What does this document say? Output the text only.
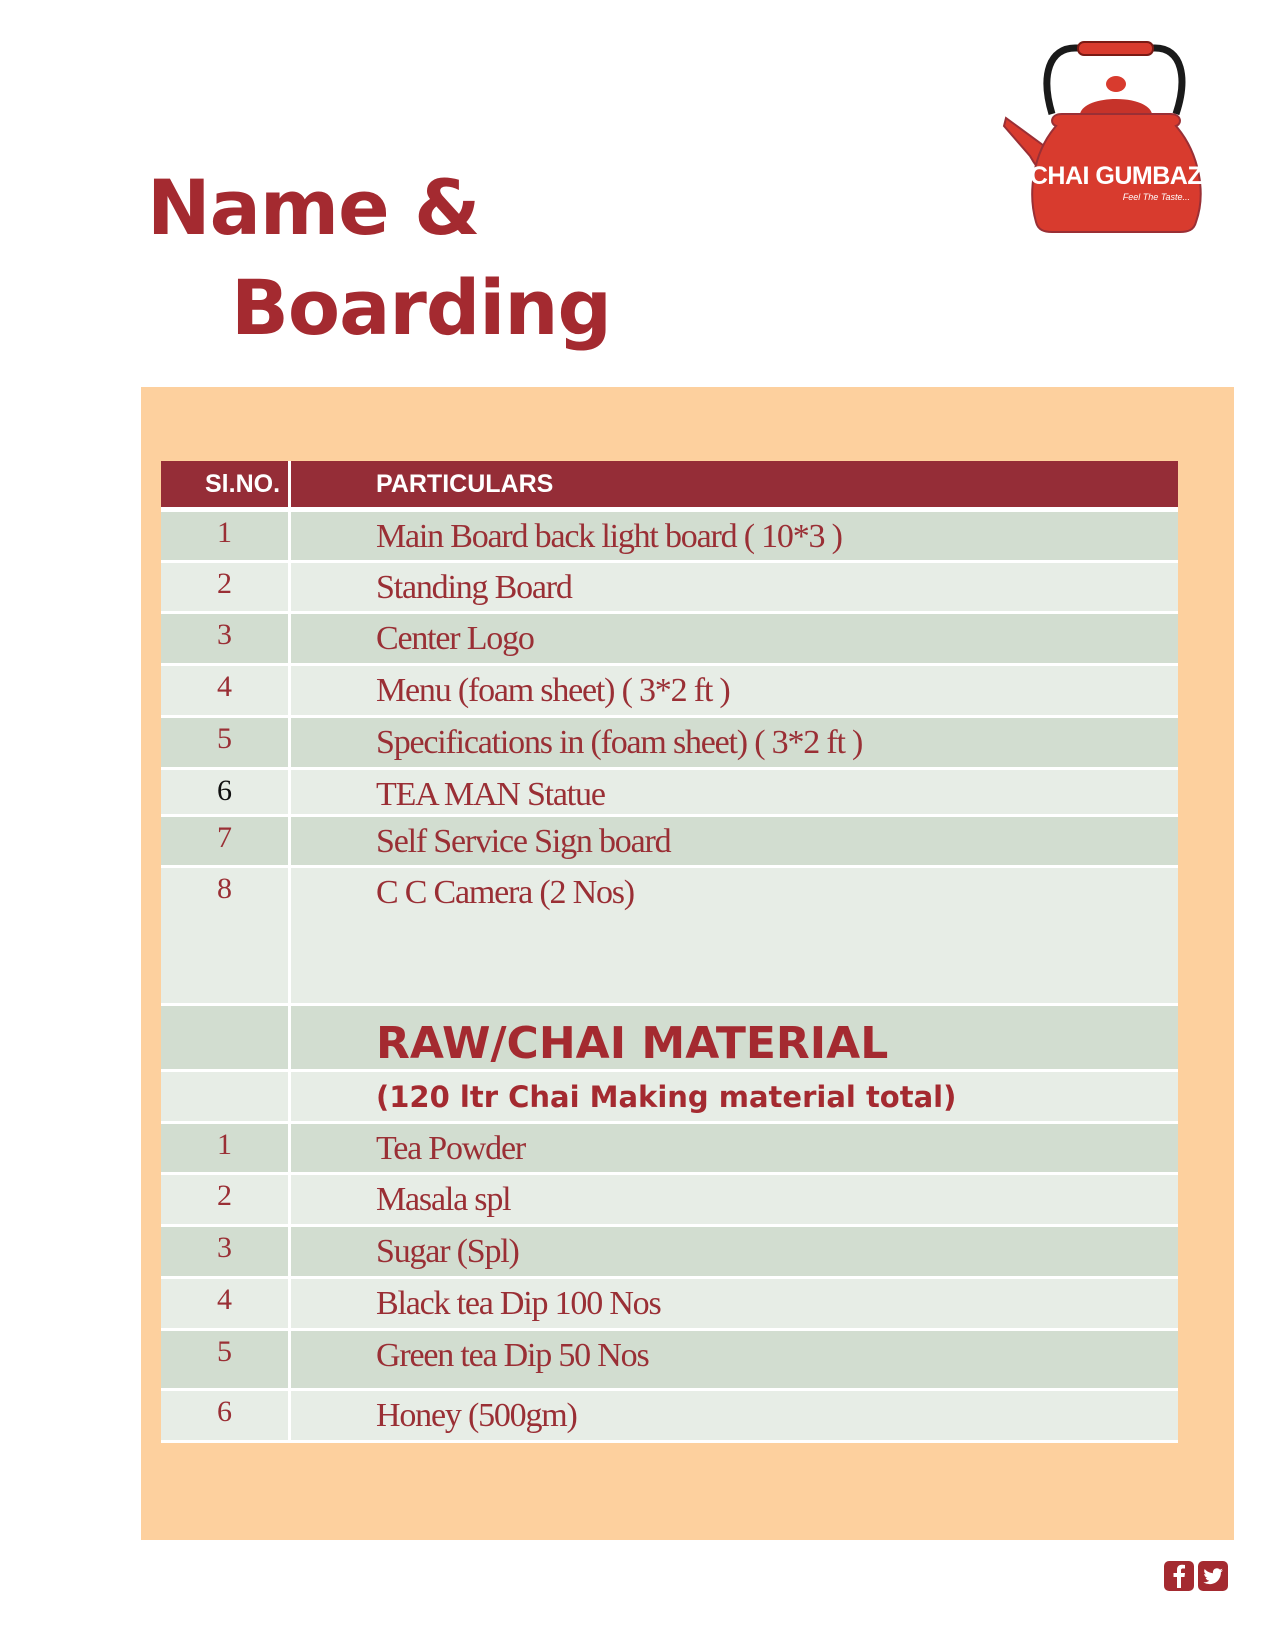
Name &
Boarding
CHAI GUMBAZ
Feel The Taste...
Sl.NO.	PARTICULARS
1	Main Board back light board ( 10*3 )
2	Standing Board
3	Center Logo
4	Menu (foam sheet) ( 3*2 ft )
5	Specifications in (foam sheet) ( 3*2 ft )
6	TEA MAN Statue
7	Self Service Sign board
8	C C Camera (2 Nos)
	RAW/CHAI MATERIAL
	(120 ltr Chai Making material total)
1	Tea Powder
2	Masala spl
3	Sugar (Spl)
4	Black tea Dip 100 Nos
5	Green tea Dip 50 Nos
6	Honey (500gm)
